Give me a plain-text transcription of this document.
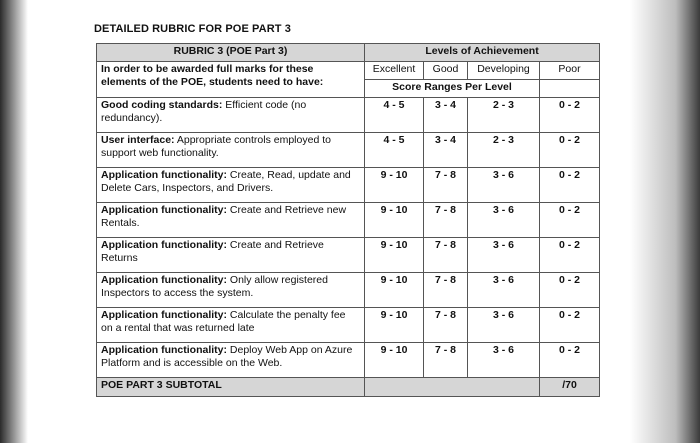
DETAILED RUBRIC FOR POE PART 3
RUBRIC 3 (POE Part 3)	Levels of Achievement			

In order to be awarded full marks for these
elements of the POE, students need to have:	Excellent	Good	Developing	Poor
	Score Ranges Per Level			
Good coding standards: Efficient code (no redundancy).	4 - 5	3 - 4	2 - 3	0 - 2
User interface: Appropriate controls employed to support web functionality.	4 - 5	3 - 4	2 - 3	0 - 2
Application functionality: Create, Read, update and Delete Cars, Inspectors, and Drivers.	9 - 10	7 - 8	3 - 6	0 - 2
Application functionality: Create and Retrieve new Rentals.	9 - 10	7 - 8	3 - 6	0 - 2
Application functionality: Create and Retrieve Returns	9 - 10	7 - 8	3 - 6	0 - 2
Application functionality: Only allow registered Inspectors to access the system.	9 - 10	7 - 8	3 - 6	0 - 2
Application functionality: Calculate the penalty fee on a rental that was returned late	9 - 10	7 - 8	3 - 6	0 - 2
Application functionality: Deploy Web App on Azure Platform and is accessible on the Web.	9 - 10	7 - 8	3 - 6	0 - 2
POE PART 3 SUBTOTAL				/70
